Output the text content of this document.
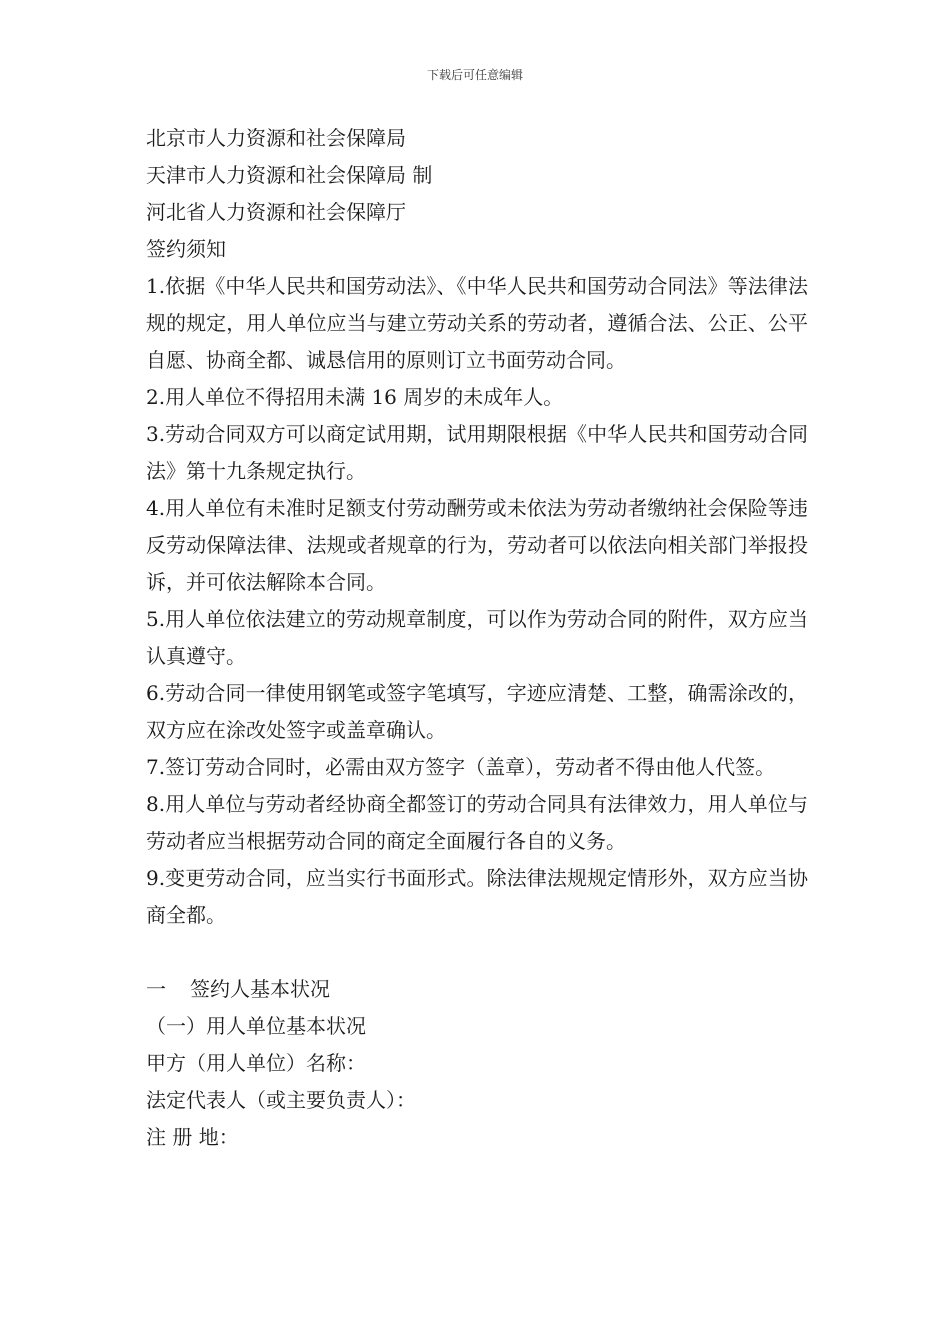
下载后可任意编辑

北京市人力资源和社会保障局

天津市人力资源和社会保障局 制

河北省人力资源和社会保障厅

签约须知

1.依据《中华人民共和国劳动法》、《中华人民共和国劳动合同法》等法律法规的规定，用人单位应当与建立劳动关系的劳动者，遵循合法、公正、公平自愿、协商全都、诚恳信用的原则订立书面劳动合同。

2.用人单位不得招用未满 16 周岁的未成年人。

3.劳动合同双方可以商定试用期，试用期限根据《中华人民共和国劳动合同法》第十九条规定执行。

4.用人单位有未准时足额支付劳动酬劳或未依法为劳动者缴纳社会保险等违反劳动保障法律、法规或者规章的行为，劳动者可以依法向相关部门举报投诉，并可依法解除本合同。

5.用人单位依法建立的劳动规章制度，可以作为劳动合同的附件，双方应当认真遵守。

6.劳动合同一律使用钢笔或签字笔填写，字迹应清楚、工整，确需涂改的，双方应在涂改处签字或盖章确认。

7.签订劳动合同时，必需由双方签字（盖章），劳动者不得由他人代签。

8.用人单位与劳动者经协商全都签订的劳动合同具有法律效力，用人单位与劳动者应当根据劳动合同的商定全面履行各自的义务。

9.变更劳动合同，应当实行书面形式。除法律法规规定情形外，双方应当协商全都。

一 签约人基本状况

（一）用人单位基本状况

甲方（用人单位）名称：

法定代表人（或主要负责人）：

注 册 地：
